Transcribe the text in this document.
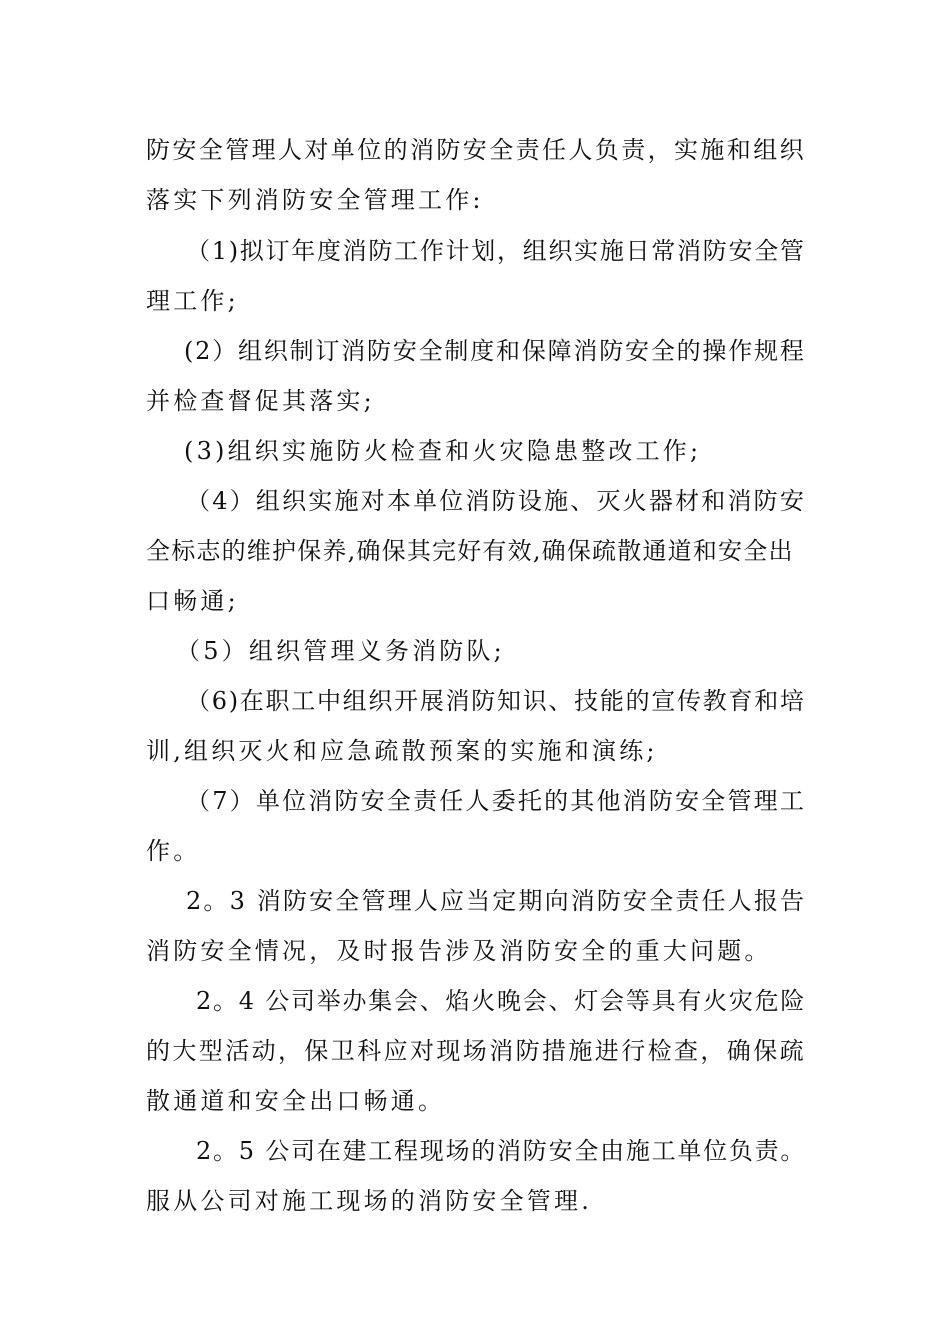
防安全管理人对单位的消防安全责任人负责，实施和组织
落实下列消防安全管理工作:
（1)拟订年度消防工作计划，组织实施日常消防安全管
理工作;
(2）组织制订消防安全制度和保障消防安全的操作规程
并检查督促其落实;
(3)组织实施防火检查和火灾隐患整改工作;
（4）组织实施对本单位消防设施、灭火器材和消防安
全标志的维护保养,确保其完好有效,确保疏散通道和安全出
口畅通;
（5）组织管理义务消防队;
（6)在职工中组织开展消防知识、技能的宣传教育和培
训,组织灭火和应急疏散预案的实施和演练;
（7）单位消防安全责任人委托的其他消防安全管理工
作。
2。3 消防安全管理人应当定期向消防安全责任人报告
消防安全情况，及时报告涉及消防安全的重大问题。
2。4 公司举办集会、焰火晚会、灯会等具有火灾危险
的大型活动，保卫科应对现场消防措施进行检查，确保疏
散通道和安全出口畅通。
2。5 公司在建工程现场的消防安全由施工单位负责。
服从公司对施工现场的消防安全管理.
